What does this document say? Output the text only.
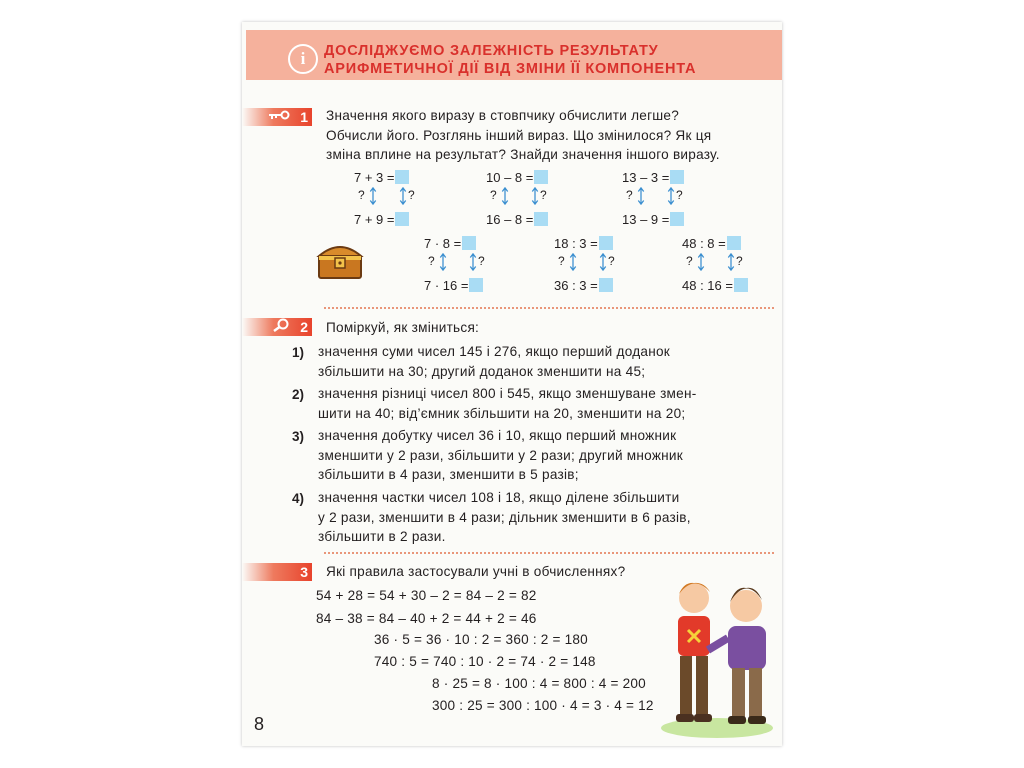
i	ДОСЛІДЖУЄМО ЗАЛЕЖНІСТЬ РЕЗУЛЬТАТУ
АРИФМЕТИЧНОЇ ДІЇ ВІД ЗМІНИ ЇЇ КОМПОНЕНТА
1 Значення якого виразу в стовпчику обчислити легше?
Обчисли його. Розглянь інший вираз. Що змінилося? Як ця
зміна вплине на результат? Знайди значення іншого виразу.

7 + 3 =
7 + 9 =
?	?
10 – 8 =
16 – 8 =
?	?
13 – 3 =
13 – 9 =
?	?
7 · 8 =
7 · 16 =
?	?
18 : 3 =
36 : 3 =
?	?
48 : 8 =
48 : 16 =
?	?
2 Поміркуй, як зміниться:

1) значення суми чисел 145 і 276, якщо перший доданок
збільшити на 30; другий доданок зменшити на 45;

2) значення різниці чисел 800 і 545, якщо зменшуване змен-
шити на 40; від’ємник збільшити на 20, зменшити на 20;

3) значення добутку чисел 36 і 10, якщо перший множник
зменшити у 2 рази, збільшити у 2 рази; другий множник
збільшити в 4 рази, зменшити в 5 разів;

4) значення частки чисел 108 і 18, якщо ділене збільшити
у 2 рази, зменшити в 4 рази; дільник зменшити в 6 разів,
збільшити в 2 рази.

3 Які правила застосували учні в обчисленнях?

54 + 28 = 54 + 30 – 2 = 84 – 2 = 82
84 – 38 = 84 – 40 + 2 = 44 + 2 = 46
36 · 5 = 36 · 10 : 2 = 360 : 2 = 180
740 : 5 = 740 : 10 · 2 = 74 · 2 = 148
8 · 25 = 8 · 100 : 4 = 800 : 4 = 200
300 : 25 = 300 : 100 · 4 = 3 · 4 = 12
8
